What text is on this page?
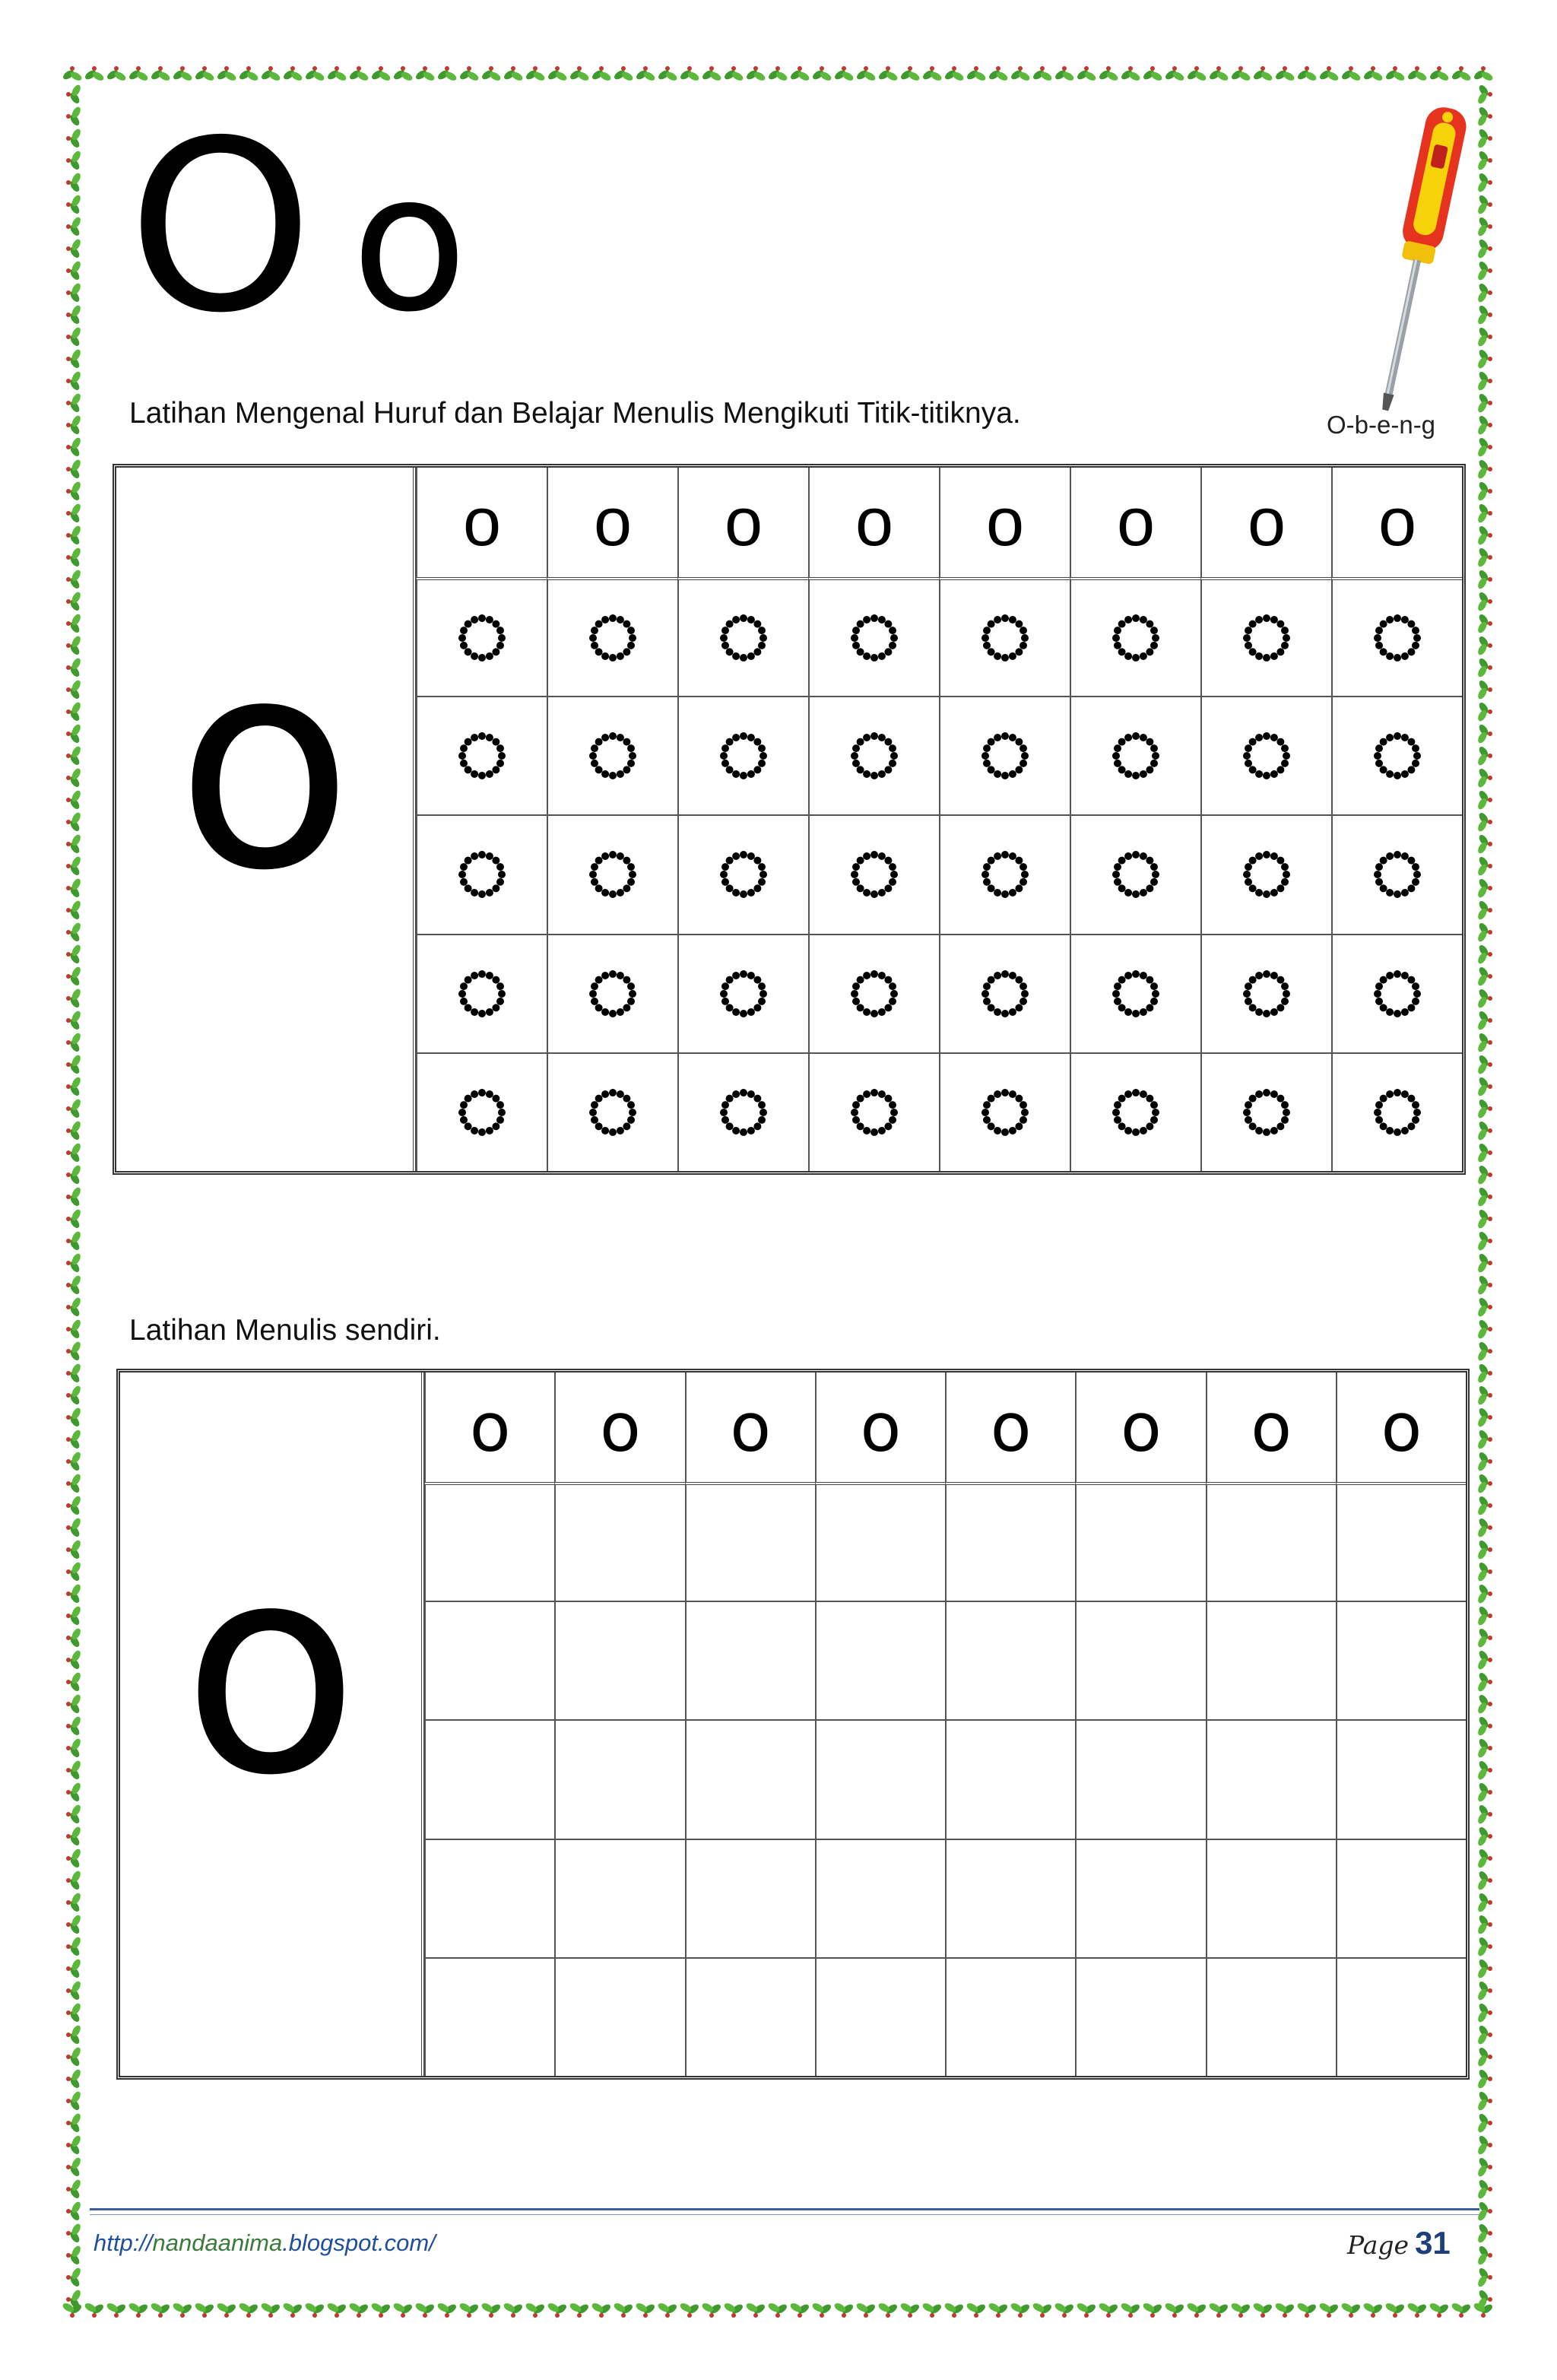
O o
O-b-e-n-g
Latihan Mengenal Huruf dan Belajar Menulis Mengikuti Titik-titiknya.
o
o	o	o	o	o	o	o	o
Latihan Menulis sendiri.
o
o	o	o	o	o	o	o	o
http://nandaanima.blogspot.com/	Page 31
